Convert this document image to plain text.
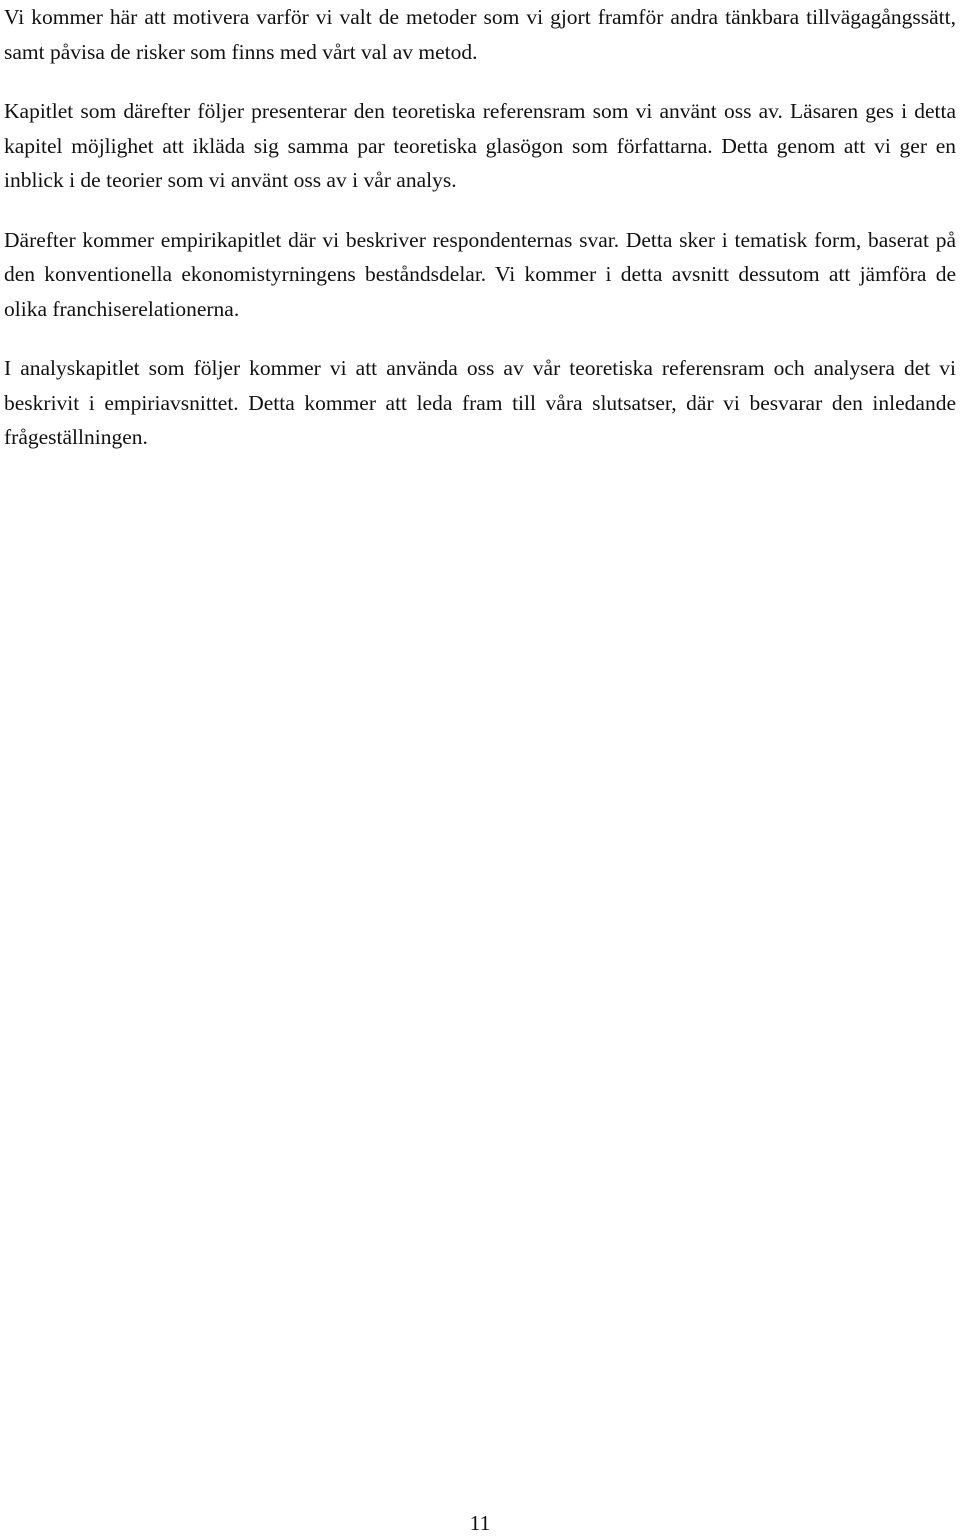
Vi kommer här att motivera varför vi valt de metoder som vi gjort framför andra tänkbara tillvägagångssätt, samt påvisa de risker som finns med vårt val av metod.

Kapitlet som därefter följer presenterar den teoretiska referensram som vi använt oss av. Läsaren ges i detta kapitel möjlighet att ikläda sig samma par teoretiska glasögon som författarna. Detta genom att vi ger en inblick i de teorier som vi använt oss av i vår analys.

Därefter kommer empirikapitlet där vi beskriver respondenternas svar. Detta sker i tematisk form, baserat på den konventionella ekonomistyrningens beståndsdelar. Vi kommer i detta avsnitt dessutom att jämföra de olika franchiserelationerna.

I analyskapitlet som följer kommer vi att använda oss av vår teoretiska referensram och analysera det vi beskrivit i empiriavsnittet. Detta kommer att leda fram till våra slutsatser, där vi besvarar den inledande frågeställningen.

11
